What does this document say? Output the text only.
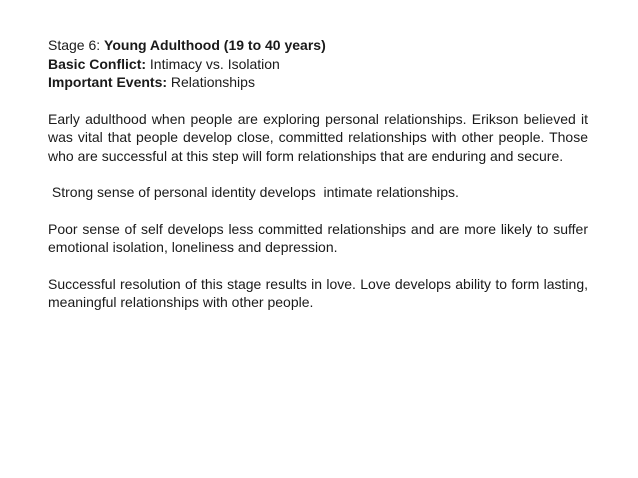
Stage 6: Young Adulthood (19 to 40 years)

Basic Conflict: Intimacy vs. Isolation

Important Events: Relationships

Early adulthood when people are exploring personal relationships. Erikson believed it was vital that people develop close, committed relationships with other people. Those who are successful at this step will form relationships that are enduring and secure.

Strong sense of personal identity develops  intimate relationships.

Poor sense of self develops less committed relationships and are more likely to suffer emotional isolation, loneliness and depression.

Successful resolution of this stage results in love. Love develops ability to form lasting, meaningful relationships with other people.
